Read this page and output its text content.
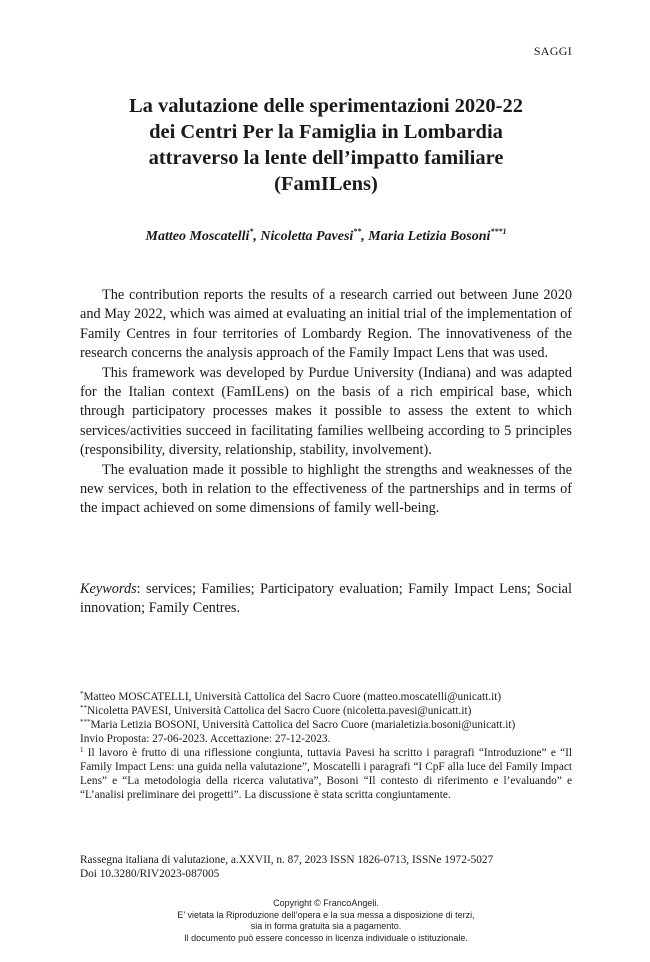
SAGGI
La valutazione delle sperimentazioni 2020-22
dei Centri Per la Famiglia in Lombardia
attraverso la lente dell’impatto familiare
(FamILens)
Matteo Moscatelli*, Nicoletta Pavesi**, Maria Letizia Bosoni$^{***1}$

The contribution reports the results of a research carried out between June 2020 and May 2022, which was aimed at evaluating an initial trial of the implementation of Family Centres in four territories of Lombardy Region. The innovativeness of the research concerns the analysis approach of the Family Impact Lens that was used.

This framework was developed by Purdue University (Indiana) and was adapted for the Italian context (FamILens) on the basis of a rich empirical base, which through participatory processes makes it possible to assess the extent to which services/activities succeed in facilitating families wellbeing according to 5 principles (responsibility, diversity, relationship, stability, involvement).

The evaluation made it possible to highlight the strengths and weaknesses of the new services, both in relation to the effectiveness of the partnerships and in terms of the impact achieved on some dimensions of family well-being.

Keywords: services; Families; Participatory evaluation; Family Impact Lens; Social innovation; Family Centres.

*Matteo MOSCATELLI, Università Cattolica del Sacro Cuore (matteo.moscatelli@unicatt.it)

**Nicoletta PAVESI, Università Cattolica del Sacro Cuore (nicoletta.pavesi@unicatt.it)

***Maria Letizia BOSONI, Università Cattolica del Sacro Cuore (marialetizia.bosoni@unicatt.it)

Invio Proposta: 27-06-2023. Accettazione: 27-12-2023.

$^1$ Il lavoro è frutto di una riflessione congiunta, tuttavia Pavesi ha scritto i paragrafi “Introduzione” e “Il Family Impact Lens: una guida nella valutazione”, Moscatelli i paragrafi “I CpF alla luce del Family Impact Lens” e “La metodologia della ricerca valutativa”, Bosoni “Il contesto di riferimento e l’evaluando” e “L’analisi preliminare dei progetti”. La discussione è stata scritta congiuntamente.

Rassegna italiana di valutazione, a.XXVII, n. 87, 2023 ISSN 1826-0713, ISSNe 1972-5027

Doi 10.3280/RIV2023-087005

Copyright © FrancoAngeli.

E’ vietata la Riproduzione dell’opera e la sua messa a disposizione di terzi,

sia in forma gratuita sia a pagamento.

Il documento può essere concesso in licenza individuale o istituzionale.
